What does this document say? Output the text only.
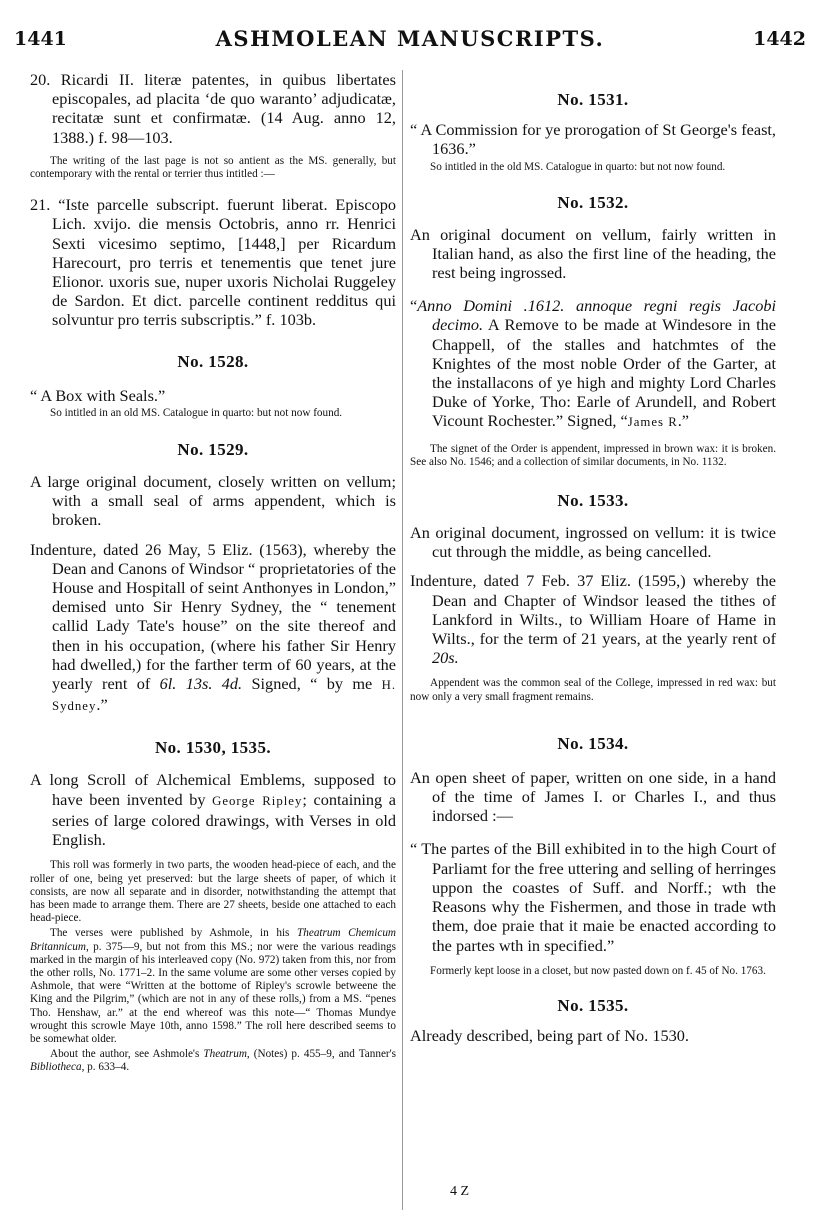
1441	ASHMOLEAN MANUSCRIPTS.	1442

20. Ricardi II. literæ patentes, in quibus libertates episcopales, ad placita ‘de quo waranto’ adjudicatæ, recitatæ sunt et confirmatæ. (14 Aug. anno 12, 1388.) f. 98—103.

The writing of the last page is not so antient as the MS. generally, but contemporary with the rental or terrier thus intitled :—

21. “Iste parcelle subscript. fuerunt liberat. Episcopo Lich. xvijo. die mensis Octobris, anno rr. Henrici Sexti vicesimo septimo, [1448,] per Ricardum Harecourt, pro terris et tenementis que tenet jure Elionor. uxoris sue, nuper uxoris Nicholai Ruggeley de Sardon. Et dict. parcelle continent redditus qui solvuntur pro terris subscriptis.” f. 103b.

No. 1528.

“ A Box with Seals.”

So intitled in an old MS. Catalogue in quarto: but not now found.

No. 1529.

A large original document, closely written on vellum; with a small seal of arms appendent, which is broken.

Indenture, dated 26 May, 5 Eliz. (1563), whereby the Dean and Canons of Windsor “ proprietatories of the House and Hospitall of seint Anthonyes in London,” demised unto Sir Henry Sydney, the “ tenement callid Lady Tate's house” on the site thereof and then in his occupation, (where his father Sir Henry had dwelled,) for the farther term of 60 years, at the yearly rent of 6l. 13s. 4d. Signed, “ by me H. Sydney.”

No. 1530, 1535.

A long Scroll of Alchemical Emblems, supposed to have been invented by George Ripley; containing a series of large colored drawings, with Verses in old English.

This roll was formerly in two parts, the wooden head-piece of each, and the roller of one, being yet preserved: but the large sheets of paper, of which it consists, are now all separate and in disorder, notwithstanding the attempt that has been made to arrange them. There are 27 sheets, beside one attached to each head-piece.

The verses were published by Ashmole, in his Theatrum Chemicum Britannicum, p. 375—9, but not from this MS.; nor were the various readings marked in the margin of his interleaved copy (No. 972) taken from this, nor from the other rolls, No. 1771–2. In the same volume are some other verses copied by Ashmole, that were “Written at the bottome of Ripley's scrowle betweene the King and the Pilgrim,” (which are not in any of these rolls,) from a MS. “penes Tho. Henshaw, ar.” at the end whereof was this note—“ Thomas Mundye wrought this scrowle Maye 10th, anno 1598.” The roll here described seems to be somewhat older.

About the author, see Ashmole's Theatrum, (Notes) p. 455–9, and Tanner's Bibliotheca, p. 633–4.

No. 1531.

“ A Commission for ye prorogation of St George's feast, 1636.”

So intitled in the old MS. Catalogue in quarto: but not now found.

No. 1532.

An original document on vellum, fairly written in Italian hand, as also the first line of the heading, the rest being ingrossed.

“Anno Domini .1612. annoque regni regis Jacobi decimo. A Remove to be made at Windesore in the Chappell, of the stalles and hatchmtes of the Knightes of the most noble Order of the Garter, at the installacons of ye high and mighty Lord Charles Duke of Yorke, Tho: Earle of Arundell, and Robert Vicount Rochester.” Signed, “James R.”

The signet of the Order is appendent, impressed in brown wax: it is broken. See also No. 1546; and a collection of similar documents, in No. 1132.

No. 1533.

An original document, ingrossed on vellum: it is twice cut through the middle, as being cancelled.

Indenture, dated 7 Feb. 37 Eliz. (1595,) whereby the Dean and Chapter of Windsor leased the tithes of Lankford in Wilts., to William Hoare of Hame in Wilts., for the term of 21 years, at the yearly rent of 20s.

Appendent was the common seal of the College, impressed in red wax: but now only a very small fragment remains.

No. 1534.

An open sheet of paper, written on one side, in a hand of the time of James I. or Charles I., and thus indorsed :—

“ The partes of the Bill exhibited in to the high Court of Parliamt for the free uttering and selling of herringes uppon the coastes of Suff. and Norff.; wth the Reasons why the Fishermen, and those in trade wth them, doe praie that it maie be enacted according to the partes wth in specified.”

Formerly kept loose in a closet, but now pasted down on f. 45 of No. 1763.

No. 1535.

Already described, being part of No. 1530.

4 Z
